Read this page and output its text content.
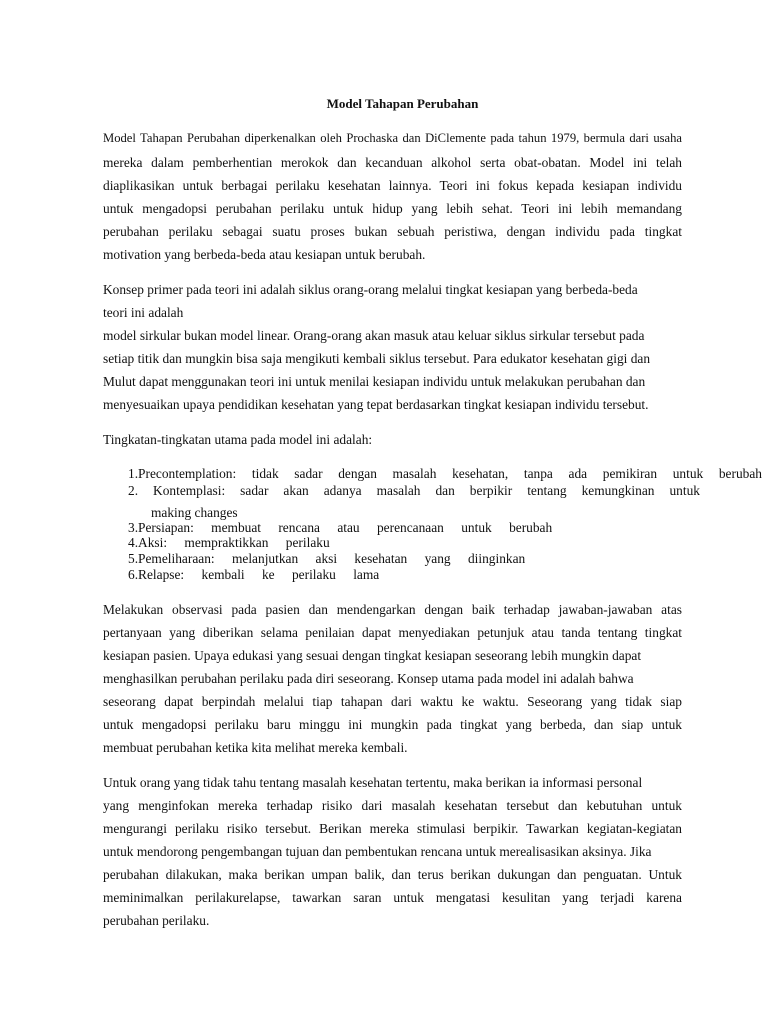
Model Tahapan Perubahan
Model Tahapan Perubahan diperkenalkan oleh Prochaska dan DiClemente pada tahun 1979, bermula dari usaha
mereka dalam pemberhentian merokok dan kecanduan alkohol serta obat-obatan. Model ini telah
diaplikasikan untuk berbagai perilaku kesehatan lainnya. Teori ini fokus kepada kesiapan individu
untuk mengadopsi perubahan perilaku untuk hidup yang lebih sehat. Teori ini lebih memandang
perubahan perilaku sebagai suatu proses bukan sebuah peristiwa, dengan individu pada tingkat
motivation yang berbeda-beda atau kesiapan untuk berubah.
Konsep primer pada teori ini adalah siklus orang-orang melalui tingkat kesiapan yang berbeda-beda
teori ini adalah
model sirkular bukan model linear. Orang-orang akan masuk atau keluar siklus sirkular tersebut pada
setiap titik dan mungkin bisa saja mengikuti kembali siklus tersebut. Para edukator kesehatan gigi dan
Mulut dapat menggunakan teori ini untuk menilai kesiapan individu untuk melakukan perubahan dan
menyesuaikan upaya pendidikan kesehatan yang tepat berdasarkan tingkat kesiapan individu tersebut.
Tingkatan-tingkatan utama pada model ini adalah:
1.Precontemplation: tidak sadar dengan masalah kesehatan, tanpa ada pemikiran untuk berubah
2. Kontemplasi: sadar akan adanya masalah dan berpikir tentang kemungkinan untuk
making changes
3.Persiapan: membuat rencana atau perencanaan untuk berubah
4.Aksi: mempraktikkan perilaku
5.Pemeliharaan: melanjutkan aksi kesehatan yang diinginkan
6.Relapse: kembali ke perilaku lama
Melakukan observasi pada pasien dan mendengarkan dengan baik terhadap jawaban-jawaban atas
pertanyaan yang diberikan selama penilaian dapat menyediakan petunjuk atau tanda tentang tingkat
kesiapan pasien. Upaya edukasi yang sesuai dengan tingkat kesiapan seseorang lebih mungkin dapat
menghasilkan perubahan perilaku pada diri seseorang. Konsep utama pada model ini adalah bahwa
seseorang dapat berpindah melalui tiap tahapan dari waktu ke waktu. Seseorang yang tidak siap
untuk mengadopsi perilaku baru minggu ini mungkin pada tingkat yang berbeda, dan siap untuk
membuat perubahan ketika kita melihat mereka kembali.
Untuk orang yang tidak tahu tentang masalah kesehatan tertentu, maka berikan ia informasi personal
yang menginfokan mereka terhadap risiko dari masalah kesehatan tersebut dan kebutuhan untuk
mengurangi perilaku risiko tersebut. Berikan mereka stimulasi berpikir. Tawarkan kegiatan-kegiatan
untuk mendorong pengembangan tujuan dan pembentukan rencana untuk merealisasikan aksinya. Jika
perubahan dilakukan, maka berikan umpan balik, dan terus berikan dukungan dan penguatan. Untuk
meminimalkan perilakurelapse, tawarkan saran untuk mengatasi kesulitan yang terjadi karena
perubahan perilaku.
